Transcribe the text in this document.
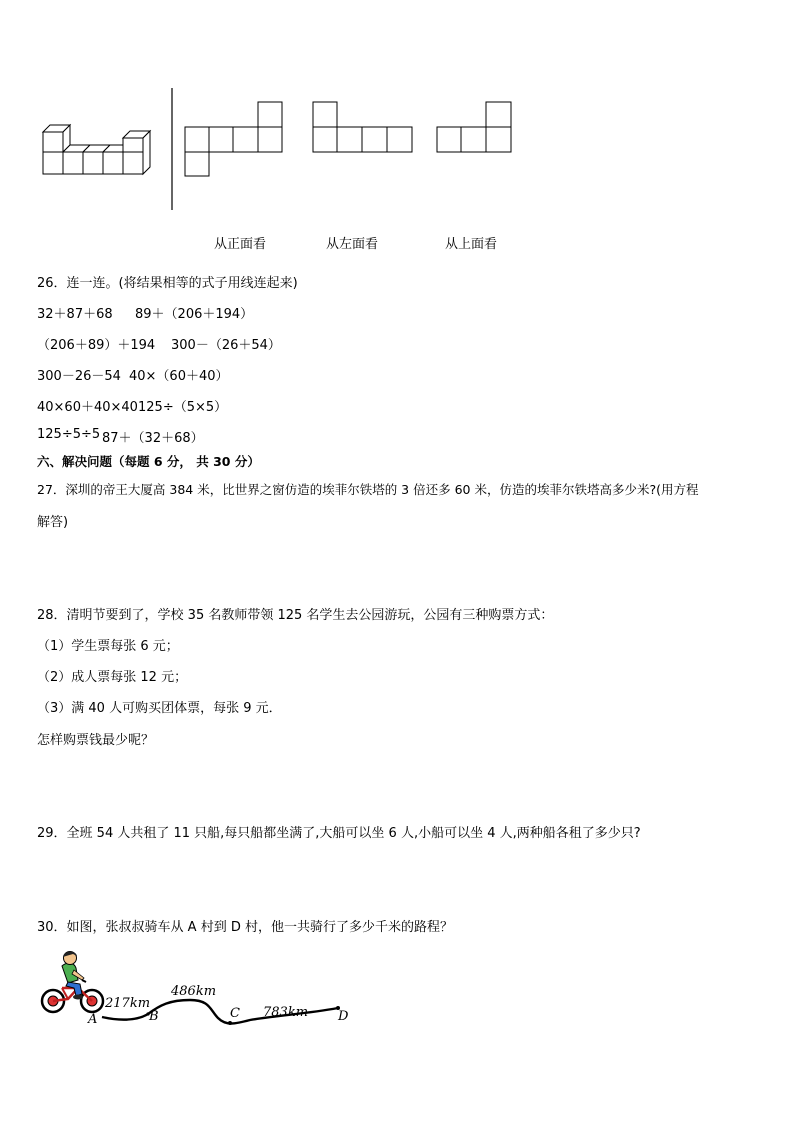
从正面看	从左面看	从上面看
26．连一连。(将结果相等的式子用线连起来)
32＋87＋68 89＋（206＋194）
（206＋89）＋194 300－（26＋54）
300－26－54 40×（60＋40）
40×60＋40×40 125÷（5×5）
125÷5÷5 87＋（32＋68）
六、解决问题（每题 6 分， 共 30 分）
27．深圳的帝王大厦高 384 米，比世界之窗仿造的埃菲尔铁塔的 3 倍还多 60 米，仿造的埃菲尔铁塔高多少米?(用方程
解答)
28．清明节要到了，学校 35 名教师带领 125 名学生去公园游玩，公园有三种购票方式：
（1）学生票每张 6 元；
（2）成人票每张 12 元；
（3）满 40 人可购买团体票，每张 9 元．
怎样购票钱最少呢？
29．全班 54 人共租了 11 只船,每只船都坐满了,大船可以坐 6 人,小船可以坐 4 人,两种船各租了多少只?
30．如图，张叔叔骑车从 A 村到 D 村，他一共骑行了多少千米的路程？
217km
486km
783km
A	B	C	D
